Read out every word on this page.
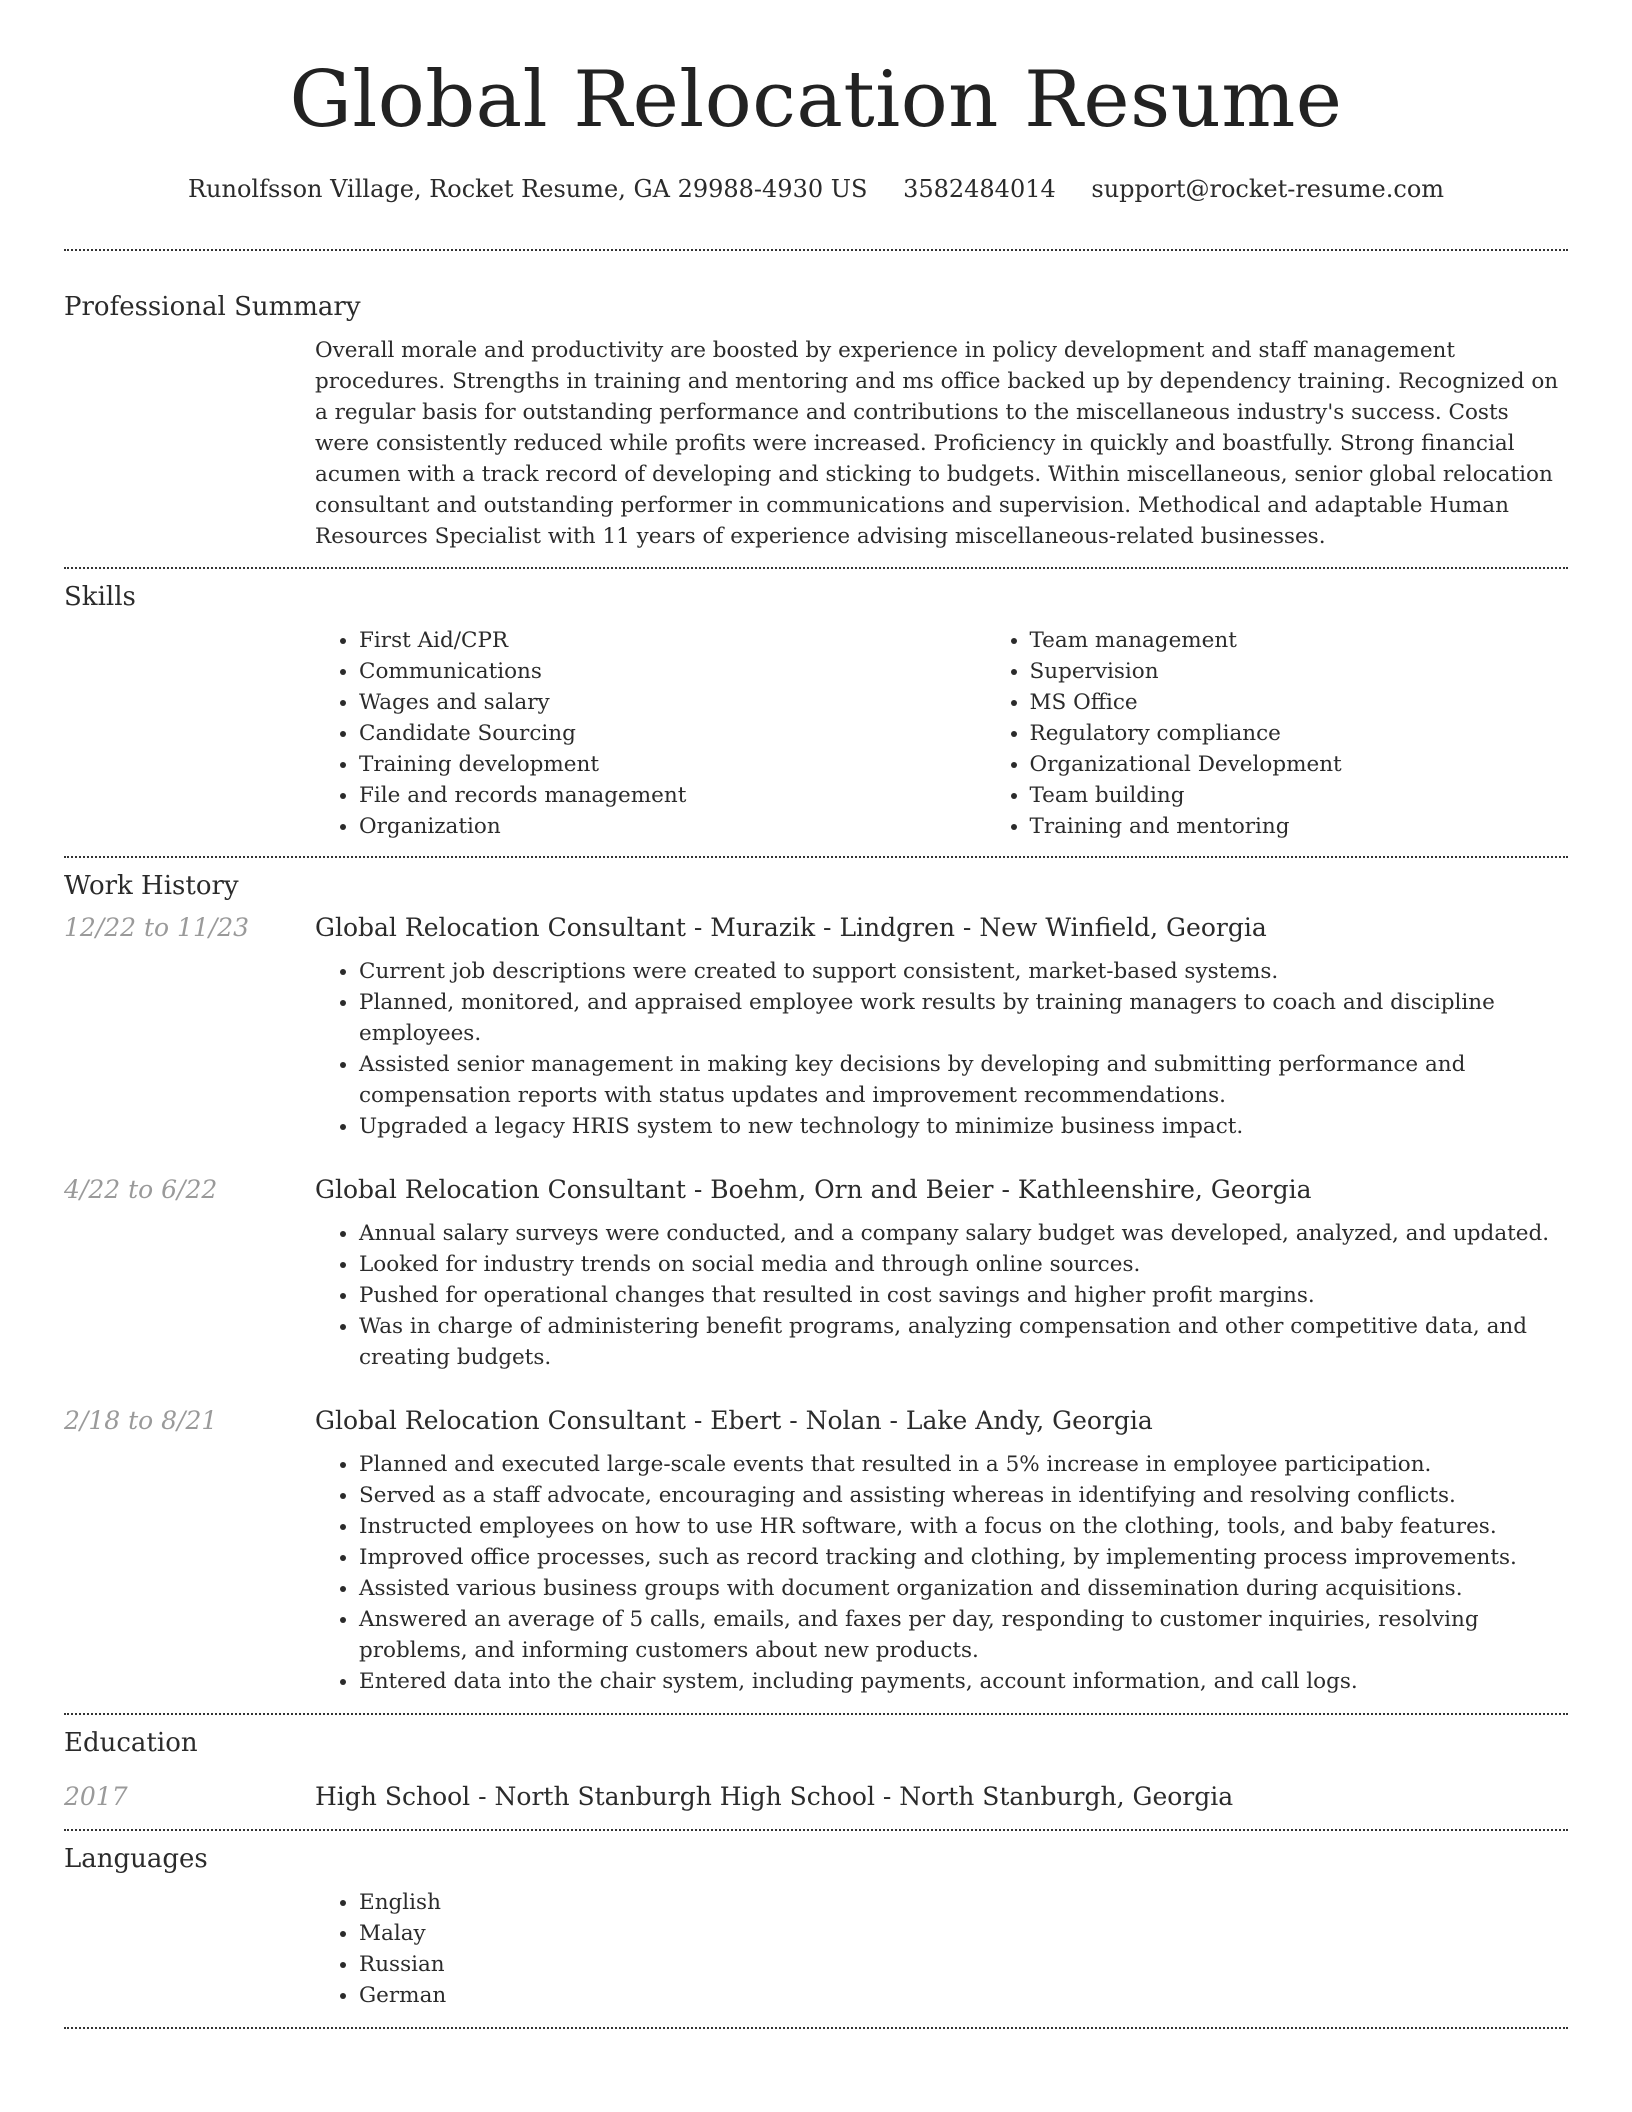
Global Relocation Resume
Runolfsson Village, Rocket Resume, GA 29988-4930 US 3582484014 support@rocket-resume.com
Professional Summary
Overall morale and productivity are boosted by experience in policy development and staff management procedures. Strengths in training and mentoring and ms office backed up by dependency training. Recognized on a regular basis for outstanding performance and contributions to the miscellaneous industry's success. Costs were consistently reduced while profits were increased. Proficiency in quickly and boastfully. Strong financial acumen with a track record of developing and sticking to budgets. Within miscellaneous, senior global relocation consultant and outstanding performer in communications and supervision. Methodical and adaptable Human Resources Specialist with 11 years of experience advising miscellaneous-related businesses.
Skills
• First Aid/CPR
• Communications
• Wages and salary
• Candidate Sourcing
• Training development
• File and records management
• Organization
• Team management
• Supervision
• MS Office
• Regulatory compliance
• Organizational Development
• Team building
• Training and mentoring
Work History
12/22 to 11/23	Global Relocation Consultant - Murazik - Lindgren - New Winfield, Georgia
• Current job descriptions were created to support consistent, market-based systems.
• Planned, monitored, and appraised employee work results by training managers to coach and discipline employees.
• Assisted senior management in making key decisions by developing and submitting performance and compensation reports with status updates and improvement recommendations.
• Upgraded a legacy HRIS system to new technology to minimize business impact.
4/22 to 6/22	Global Relocation Consultant - Boehm, Orn and Beier - Kathleenshire, Georgia
• Annual salary surveys were conducted, and a company salary budget was developed, analyzed, and updated.
• Looked for industry trends on social media and through online sources.
• Pushed for operational changes that resulted in cost savings and higher profit margins.
• Was in charge of administering benefit programs, analyzing compensation and other competitive data, and creating budgets.
2/18 to 8/21	Global Relocation Consultant - Ebert - Nolan - Lake Andy, Georgia
• Planned and executed large-scale events that resulted in a 5% increase in employee participation.
• Served as a staff advocate, encouraging and assisting whereas in identifying and resolving conflicts.
• Instructed employees on how to use HR software, with a focus on the clothing, tools, and baby features.
• Improved office processes, such as record tracking and clothing, by implementing process improvements.
• Assisted various business groups with document organization and dissemination during acquisitions.
• Answered an average of 5 calls, emails, and faxes per day, responding to customer inquiries, resolving problems, and informing customers about new products.
• Entered data into the chair system, including payments, account information, and call logs.
Education
2017	High School - North Stanburgh High School - North Stanburgh, Georgia
Languages
• English
• Malay
• Russian
• German
